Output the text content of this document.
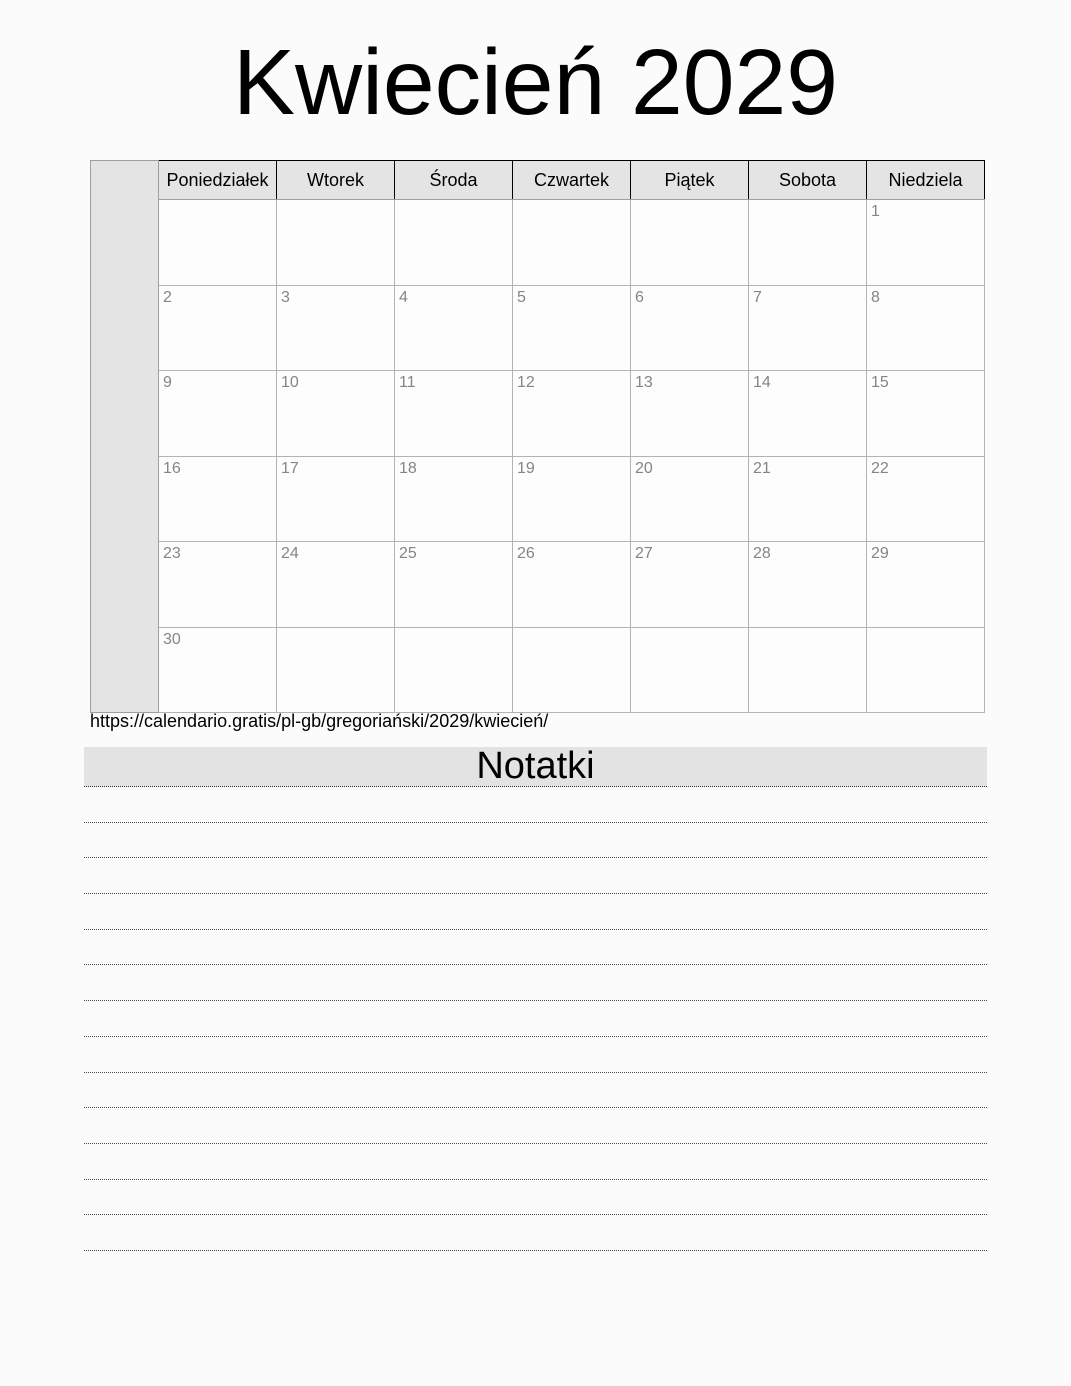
Kwiecień 2029
	Poniedziałek	Wtorek	Środa	Czwartek	Piątek	Sobota	Niedziela
							1
	2	3	4	5	6	7	8
	9	10	11	12	13	14	15
	16	17	18	19	20	21	22
	23	24	25	26	27	28	29
	30						
https://calendario.gratis/pl-gb/gregoriański/2029/kwiecień/
Notatki
